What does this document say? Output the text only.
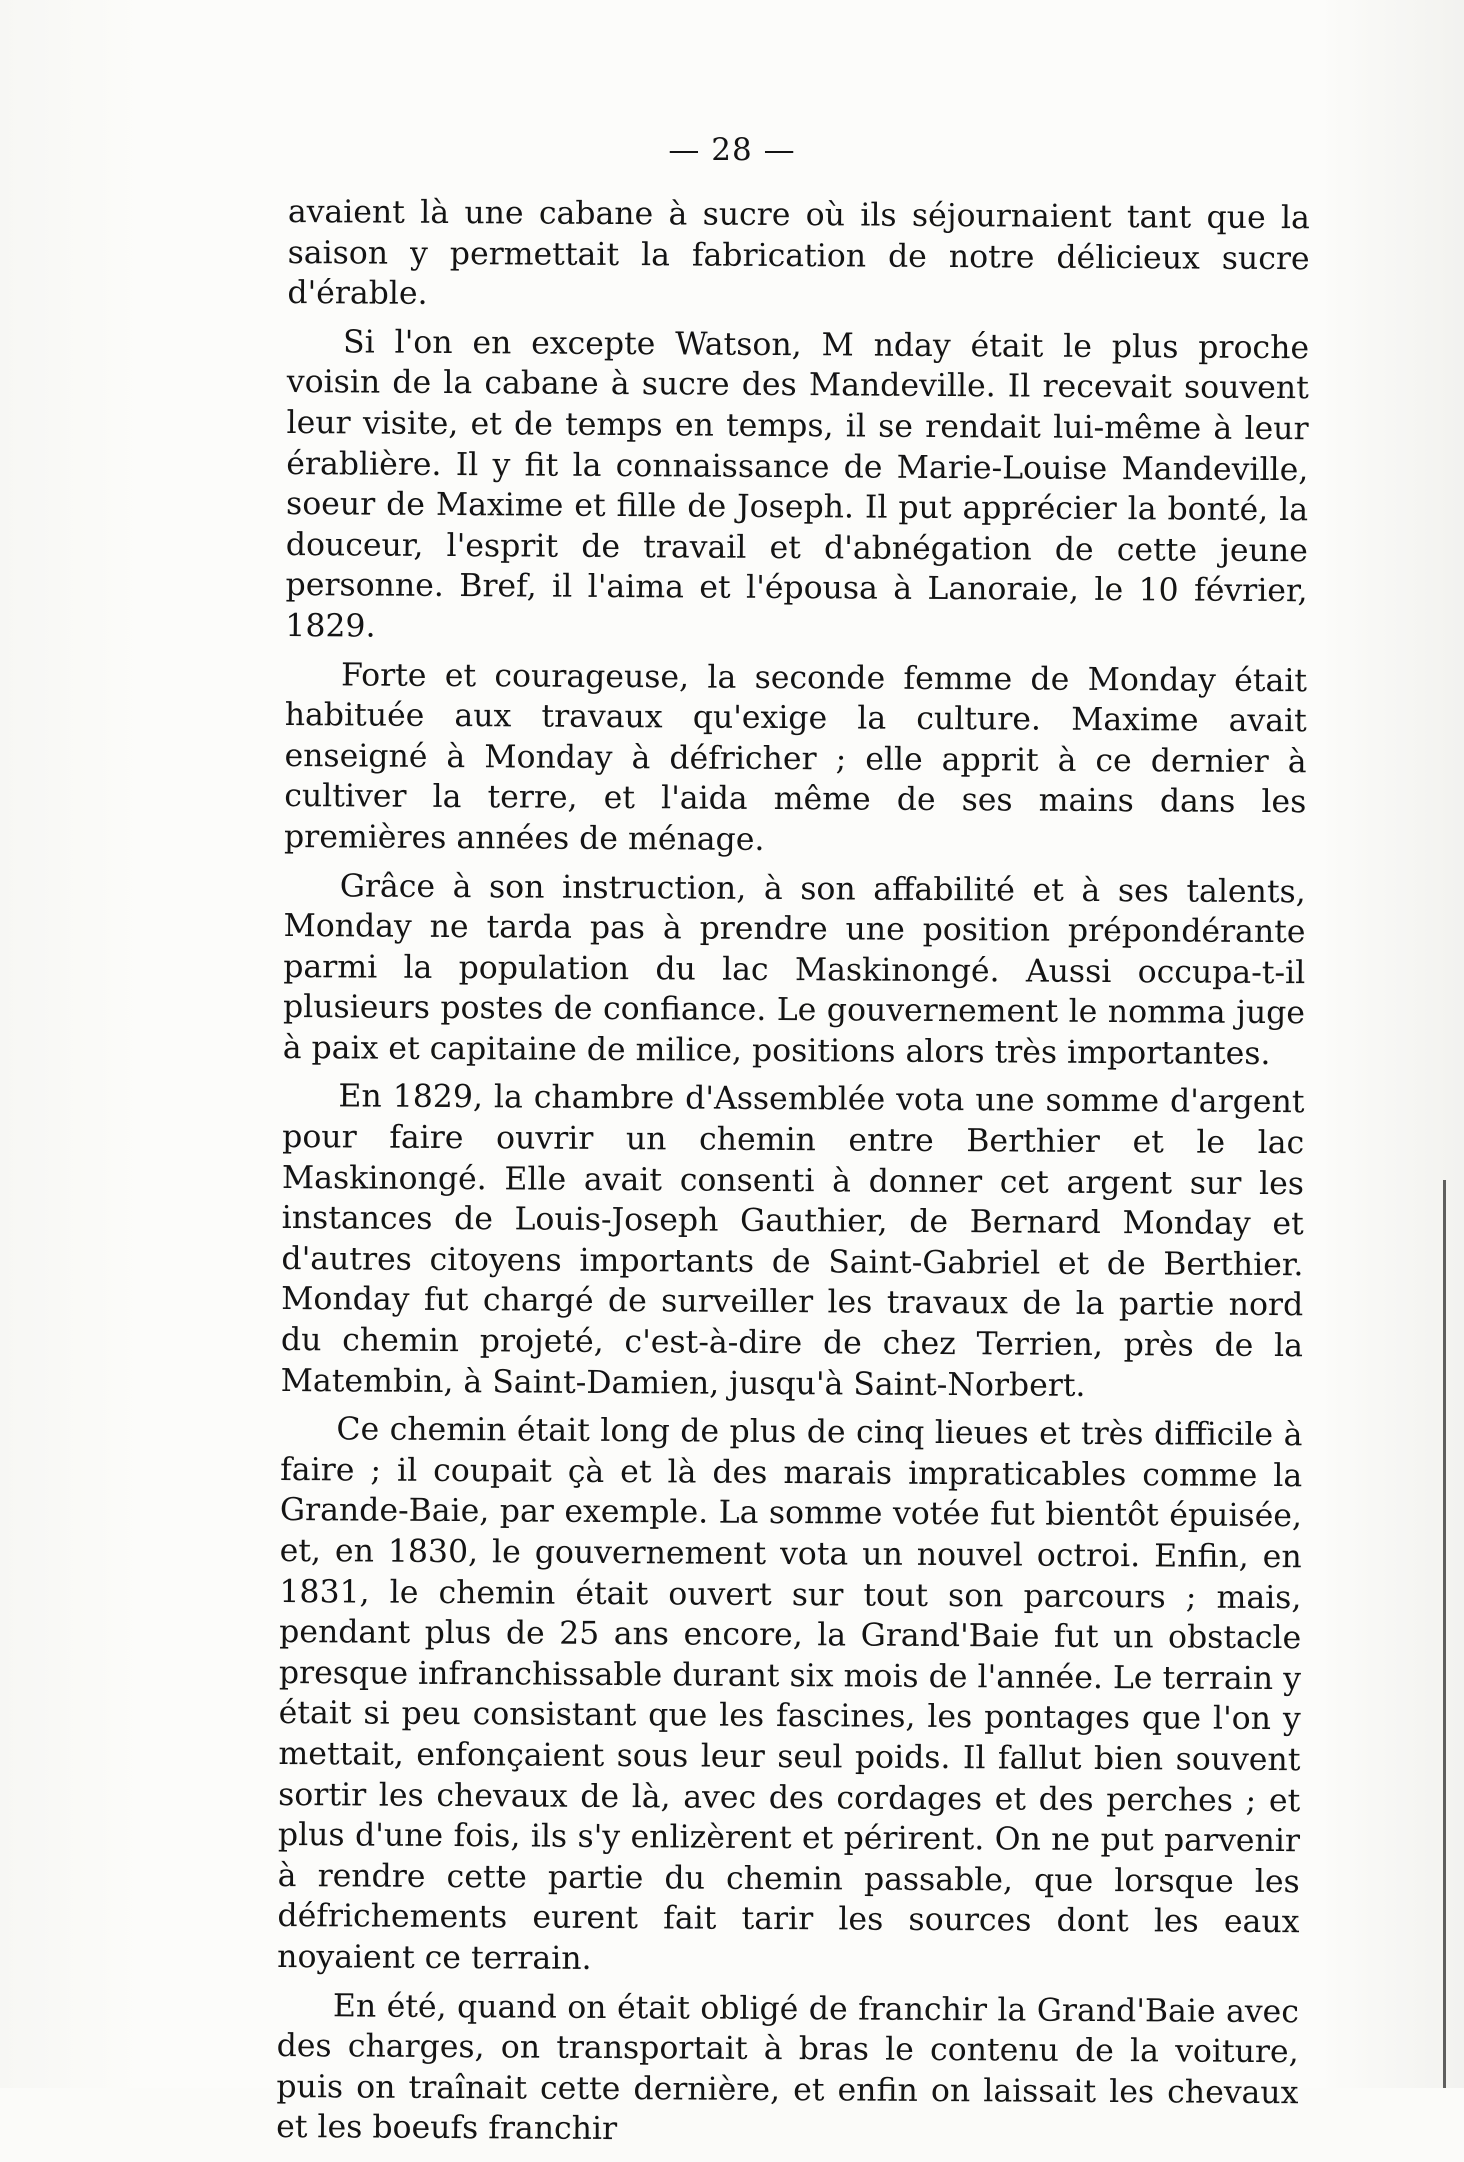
— 28 —

avaient là une cabane à sucre où ils séjournaient tant que la saison y permettait la fabrication de notre délicieux sucre d'érable.

Si l'on en excepte Watson, M nday était le plus proche voisin de la cabane à sucre des Mandeville. Il recevait souvent leur visite, et de temps en temps, il se rendait lui-même à leur érablière. Il y fit la connaissance de Marie-Louise Mandeville, soeur de Maxime et fille de Joseph. Il put apprécier la bonté, la douceur, l'esprit de travail et d'abnégation de cette jeune personne. Bref, il l'aima et l'épousa à Lanoraie, le 10 février, 1829.

Forte et courageuse, la seconde femme de Monday était habituée aux travaux qu'exige la culture. Maxime avait enseigné à Monday à défricher ; elle apprit à ce dernier à cultiver la terre, et l'aida même de ses mains dans les premières années de ménage.

Grâce à son instruction, à son affabilité et à ses talents, Monday ne tarda pas à prendre une position prépondérante parmi la population du lac Maskinongé. Aussi occupa-t-il plusieurs postes de confiance. Le gouvernement le nomma juge à paix et capitaine de milice, positions alors très importantes.

En 1829, la chambre d'Assemblée vota une somme d'argent pour faire ouvrir un chemin entre Berthier et le lac Maskinongé. Elle avait consenti à donner cet argent sur les instances de Louis-Joseph Gauthier, de Bernard Monday et d'autres citoyens importants de Saint-Gabriel et de Berthier. Monday fut chargé de surveiller les travaux de la partie nord du chemin projeté, c'est-à-dire de chez Terrien, près de la Matembin, à Saint-Damien, jusqu'à Saint-Norbert.

Ce chemin était long de plus de cinq lieues et très difficile à faire ; il coupait çà et là des marais impraticables comme la Grande-Baie, par exemple. La somme votée fut bientôt épuisée, et, en 1830, le gouvernement vota un nouvel octroi. Enfin, en 1831, le chemin était ouvert sur tout son parcours ; mais, pendant plus de 25 ans encore, la Grand'Baie fut un obstacle presque infranchissable durant six mois de l'année. Le terrain y était si peu consistant que les fascines, les pontages que l'on y mettait, enfonçaient sous leur seul poids. Il fallut bien souvent sortir les chevaux de là, avec des cordages et des perches ; et plus d'une fois, ils s'y enlizèrent et périrent. On ne put parvenir à rendre cette partie du chemin passable, que lorsque les défrichements eurent fait tarir les sources dont les eaux noyaient ce terrain.

En été, quand on était obligé de franchir la Grand'Baie avec des charges, on transportait à bras le contenu de la voiture, puis on traînait cette dernière, et enfin on laissait les chevaux et les boeufs franchir
